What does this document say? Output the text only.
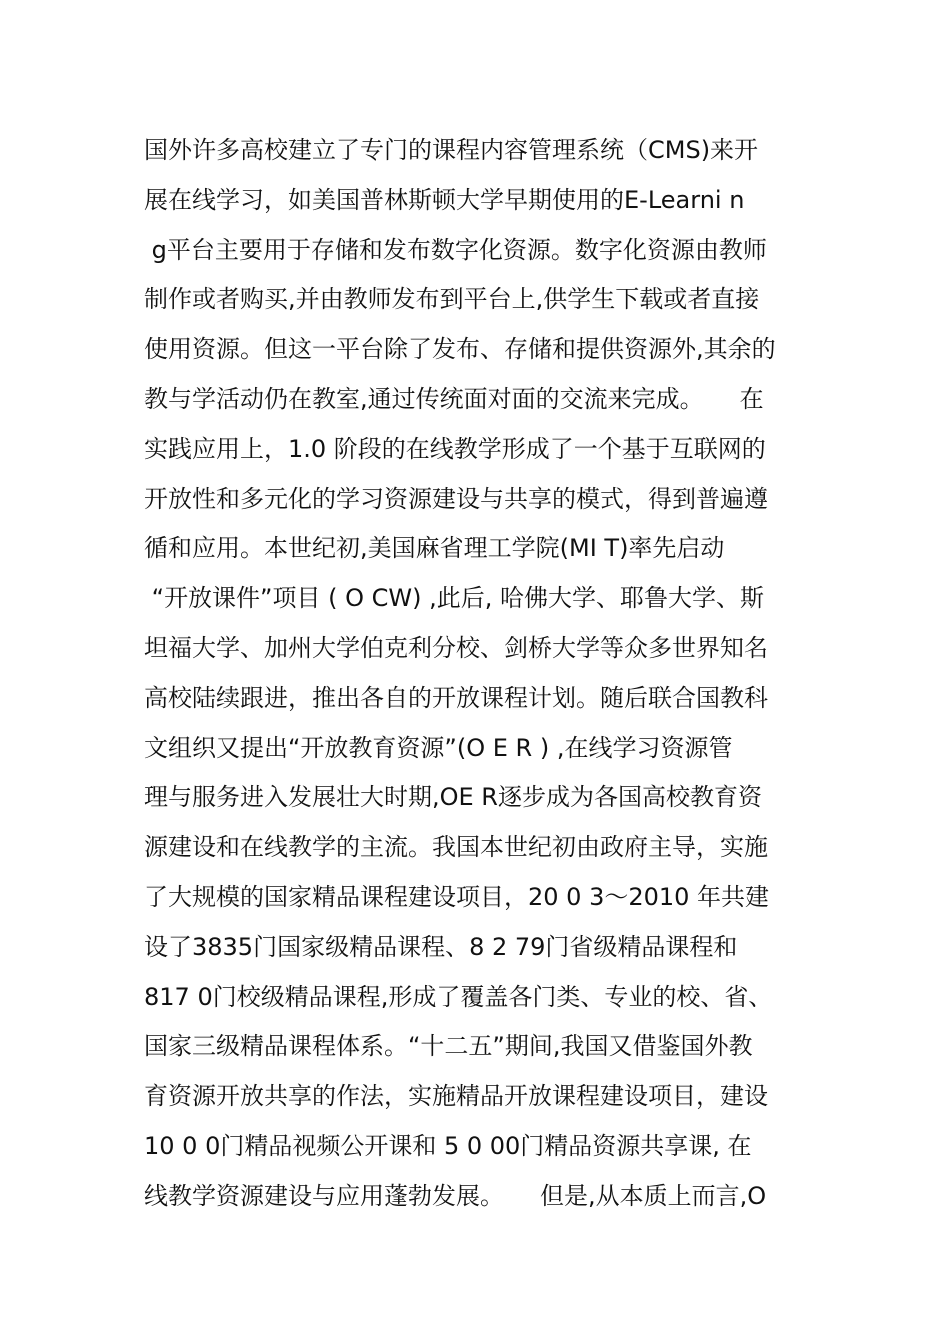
国外许多高校建立了专门的课程内容管理系统（CMS)来开
展在线学习，如美国普林斯顿大学早期使用的E-Learni n
g平台主要用于存储和发布数字化资源。数字化资源由教师
制作或者购买,并由教师发布到平台上,供学生下载或者直接
使用资源。但这一平台除了发布、存储和提供资源外,其余的
教与学活动仍在教室,通过传统面对面的交流来完成。　　在
实践应用上，1.0 阶段的在线教学形成了一个基于互联网的
开放性和多元化的学习资源建设与共享的模式，得到普遍遵
循和应用。本世纪初,美国麻省理工学院(MI T)率先启动
“开放课件”项目 ( O CW) ,此后, 哈佛大学、耶鲁大学、斯
坦福大学、加州大学伯克利分校、剑桥大学等众多世界知名
高校陆续跟进，推出各自的开放课程计划。随后联合国教科
文组织又提出“开放教育资源”(O E R ) ,在线学习资源管
理与服务进入发展壮大时期,OE R逐步成为各国高校教育资
源建设和在线教学的主流。我国本世纪初由政府主导，实施
了大规模的国家精品课程建设项目，20 0 3～2010 年共建
设了3835门国家级精品课程、8 2 79门省级精品课程和
817 0门校级精品课程,形成了覆盖各门类、专业的校、省、
国家三级精品课程体系。“十二五”期间,我国又借鉴国外教
育资源开放共享的作法，实施精品开放课程建设项目，建设
10 0 0门精品视频公开课和 5 0 00门精品资源共享课, 在
线教学资源建设与应用蓬勃发展。　　但是,从本质上而言,O
